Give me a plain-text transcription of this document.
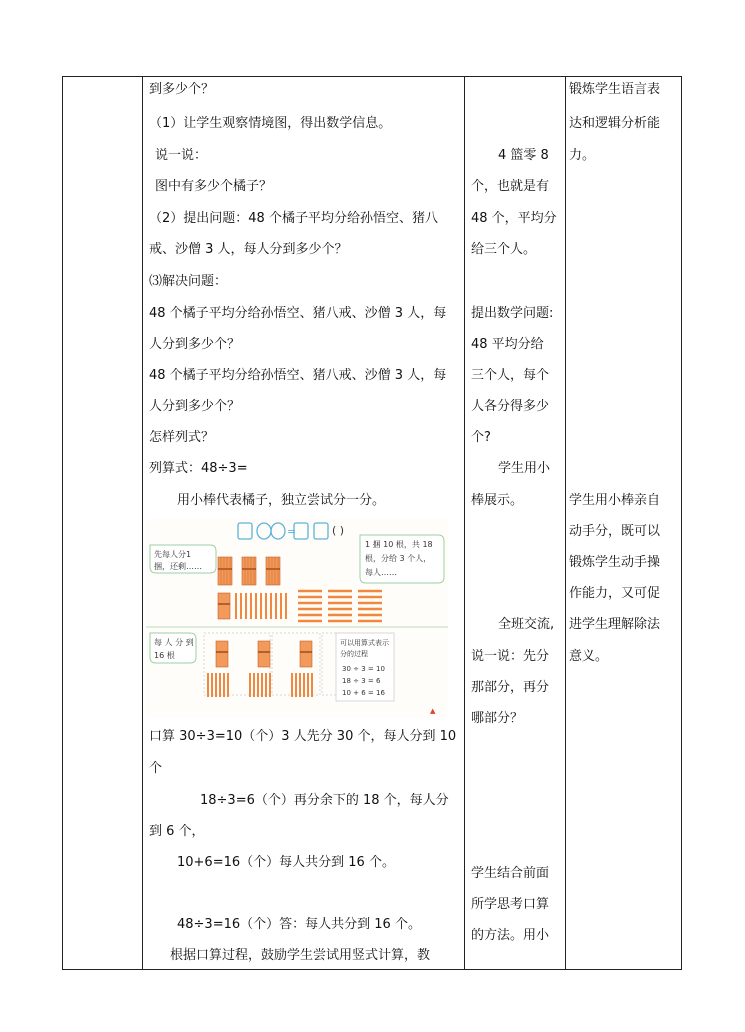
到多少个？
（1）让学生观察情境图，得出数学信息。
说一说：
图中有多少个橘子？
（2）提出问题：48 个橘子平均分给孙悟空、猪八
戒、沙僧 3 人，每人分到多少个？
⑶解决问题：
48 个橘子平均分给孙悟空、猪八戒、沙僧 3 人，每
人分到多少个？
48 个橘子平均分给孙悟空、猪八戒、沙僧 3 人，每
人分到多少个？
怎样列式？
列算式：48÷3=
用小棒代表橘子，独立尝试分一分。
=	( )
先每人分1
捆，还剩……
1 捆 10 根，共 18
根，分给 3 个人，
每人……
每 人 分 到
16 根
可以用算式表示
分的过程
30 ÷ 3 = 10
18 ÷ 3 = 6
10 + 6 = 16
▲
口算 30÷3=10（个）3 人先分 30 个，每人分到 10
个
18÷3=6（个）再分余下的 18 个，每人分
到 6 个，
10+6=16（个）每人共分到 16 个。
48÷3=16（个）答：每人共分到 16 个。
根据口算过程，鼓励学生尝试用竖式计算，教
4 篮零 8
个，也就是有
48 个，平均分
给三个人。
提出数学问题:
48 平均分给
三个人，每个
人各分得多少
个?
学生用小
棒展示。
全班交流,
说一说：先分
那部分，再分
哪部分？
学生结合前面
所学思考口算
的方法。用小
锻炼学生语言表
达和逻辑分析能
力。
学生用小棒亲自
动手分，既可以
锻炼学生动手操
作能力，又可促
进学生理解除法
意义。
